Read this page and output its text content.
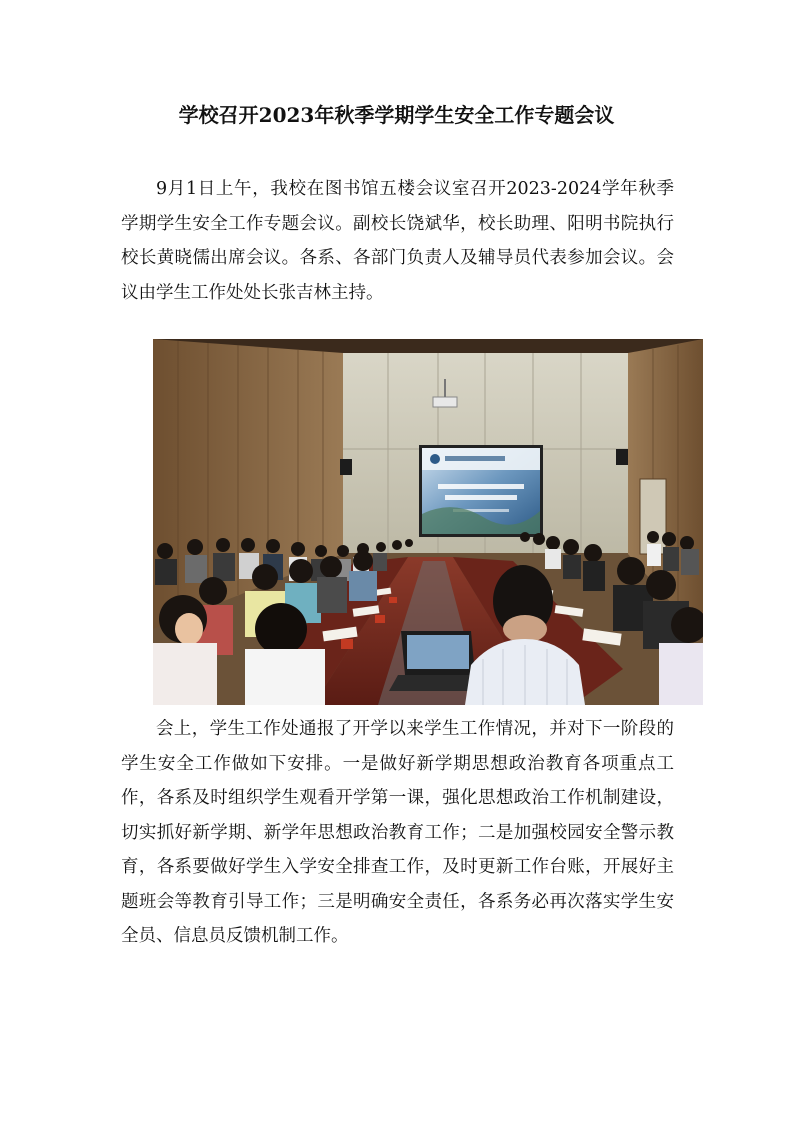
学校召开2023年秋季学期学生安全工作专题会议

9月1日上午，我校在图书馆五楼会议室召开2023-2024学年秋季学期学生安全工作专题会议。副校长饶斌华，校长助理、阳明书院执行校长黄晓儒出席会议。各系、各部门负责人及辅导员代表参加会议。会议由学生工作处处长张吉林主持。

会上，学生工作处通报了开学以来学生工作情况，并对下一阶段的学生安全工作做如下安排。一是做好新学期思想政治教育各项重点工作，各系及时组织学生观看开学第一课，强化思想政治工作机制建设，切实抓好新学期、新学年思想政治教育工作；二是加强校园安全警示教育，各系要做好学生入学安全排查工作，及时更新工作台账，开展好主题班会等教育引导工作；三是明确安全责任，各系务必再次落实学生安全员、信息员反馈机制工作。
